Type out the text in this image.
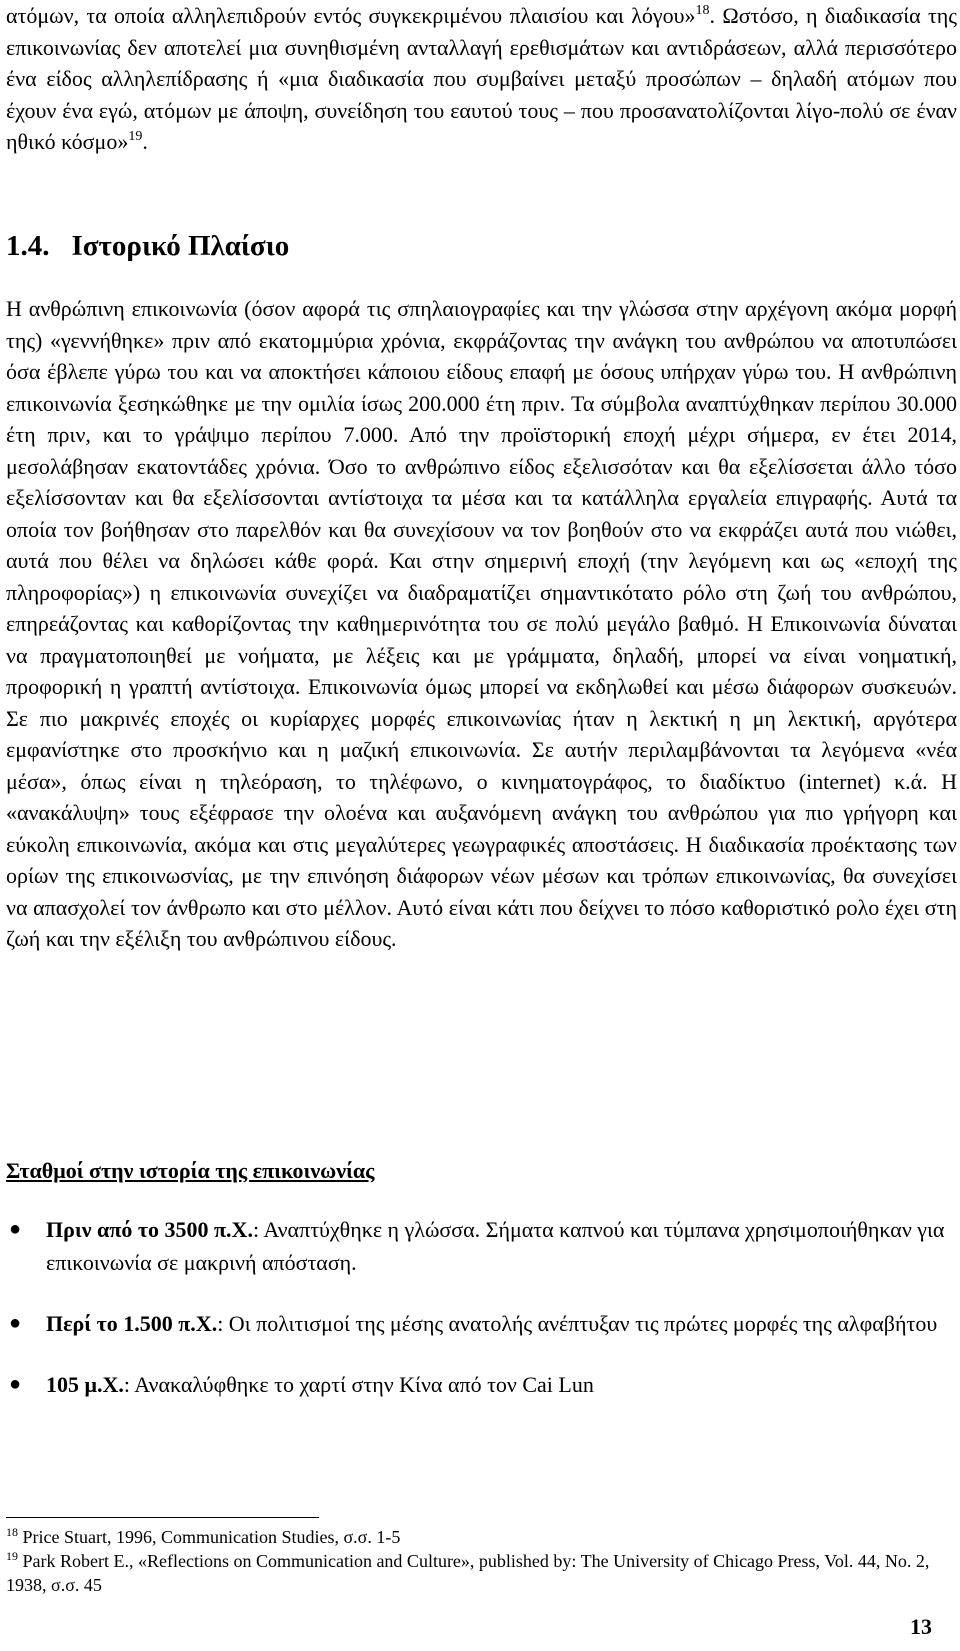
ατόμων, τα οποία αλληλεπιδρούν εντός συγκεκριμένου πλαισίου και λόγου»$^{18}$. Ωστόσο, η διαδικασία της επικοινωνίας δεν αποτελεί μια συνηθισμένη ανταλλαγή ερεθισμάτων και αντιδράσεων, αλλά περισσότερο ένα είδος αλληλεπίδρασης ή «μια διαδικασία που συμβαίνει μεταξύ προσώπων – δηλαδή ατόμων που έχουν ένα εγώ, ατόμων με άποψη, συνείδηση του εαυτού τους – που προσανατολίζονται λίγο-πολύ σε έναν ηθικό κόσμο»$^{19}$.
1.4. Ιστορικό Πλαίσιο
Η ανθρώπινη επικοινωνία (όσον αφορά τις σπηλαιογραφίες και την γλώσσα στην αρχέγονη ακόμα μορφή της) «γεννήθηκε» πριν από εκατομμύρια χρόνια, εκφράζοντας την ανάγκη του ανθρώπου να αποτυπώσει όσα έβλεπε γύρω του και να αποκτήσει κάποιου είδους επαφή με όσους υπήρχαν γύρω του. Η ανθρώπινη επικοινωνία ξεσηκώθηκε με την ομιλία ίσως 200.000 έτη πριν. Τα σύμβολα αναπτύχθηκαν περίπου 30.000 έτη πριν, και το γράψιμο περίπου 7.000. Από την προϊστορική εποχή μέχρι σήμερα, εν έτει 2014, μεσολάβησαν εκατοντάδες χρόνια. Όσο το ανθρώπινο είδος εξελισσόταν και θα εξελίσσεται άλλο τόσο εξελίσσονταν και θα εξελίσσονται αντίστοιχα τα μέσα και τα κατάλληλα εργαλεία επιγραφής. Αυτά τα οποία τον βοήθησαν στο παρελθόν και θα συνεχίσουν να τον βοηθούν στο να εκφράζει αυτά που νιώθει, αυτά που θέλει να δηλώσει κάθε φορά. Και στην σημερινή εποχή (την λεγόμενη και ως «εποχή της πληροφορίας») η επικοινωνία συνεχίζει να διαδραματίζει σημαντικότατο ρόλο στη ζωή του ανθρώπου, επηρεάζοντας και καθορίζοντας την καθημερινότητα του σε πολύ μεγάλο βαθμό. Η Επικοινωνία δύναται να πραγματοποιηθεί με νοήματα, με λέξεις και με γράμματα, δηλαδή, μπορεί να είναι νοηματική, προφορική η γραπτή αντίστοιχα. Επικοινωνία όμως μπορεί να εκδηλωθεί και μέσω διάφορων συσκευών. Σε πιο μακρινές εποχές οι κυρίαρχες μορφές επικοινωνίας ήταν η λεκτική η μη λεκτική, αργότερα εμφανίστηκε στο προσκήνιο και η μαζική επικοινωνία. Σε αυτήν περιλαμβάνονται τα λεγόμενα «νέα μέσα», όπως είναι η τηλεόραση, το τηλέφωνο, ο κινηματογράφος, το διαδίκτυο (internet) κ.ά. Η «ανακάλυψη» τους εξέφρασε την ολοένα και αυξανόμενη ανάγκη του ανθρώπου για πιο γρήγορη και εύκολη επικοινωνία, ακόμα και στις μεγαλύτερες γεωγραφικές αποστάσεις. Η διαδικασία προέκτασης των ορίων της επικοινωσνίας, με την επινόηση διάφορων νέων μέσων και τρόπων επικοινωνίας, θα συνεχίσει να απασχολεί τον άνθρωπο και στο μέλλον. Αυτό είναι κάτι που δείχνει το πόσο καθοριστικό ρολο έχει στη ζωή και την εξέλιξη του ανθρώπινου είδους.
Σταθμοί στην ιστορία της επικοινωνίας
● Πριν από το 3500 π.Χ.: Αναπτύχθηκε η γλώσσα. Σήματα καπνού και τύμπανα χρησιμοποιήθηκαν για επικοινωνία σε μακρινή απόσταση.
● Περί το 1.500 π.Χ.: Οι πολιτισμοί της μέσης ανατολής ανέπτυξαν τις πρώτες μορφές της αλφαβήτου
● 105 μ.Χ.: Ανακαλύφθηκε το χαρτί στην Κίνα από τον Cai Lun
$^{18}$ Price Stuart, 1996, Communication Studies, σ.σ. 1-5
$^{19}$ Park Robert E., «Reflections on Communication and Culture», published by: The University of Chicago Press, Vol. 44, No. 2, 1938, σ.σ. 45
13
